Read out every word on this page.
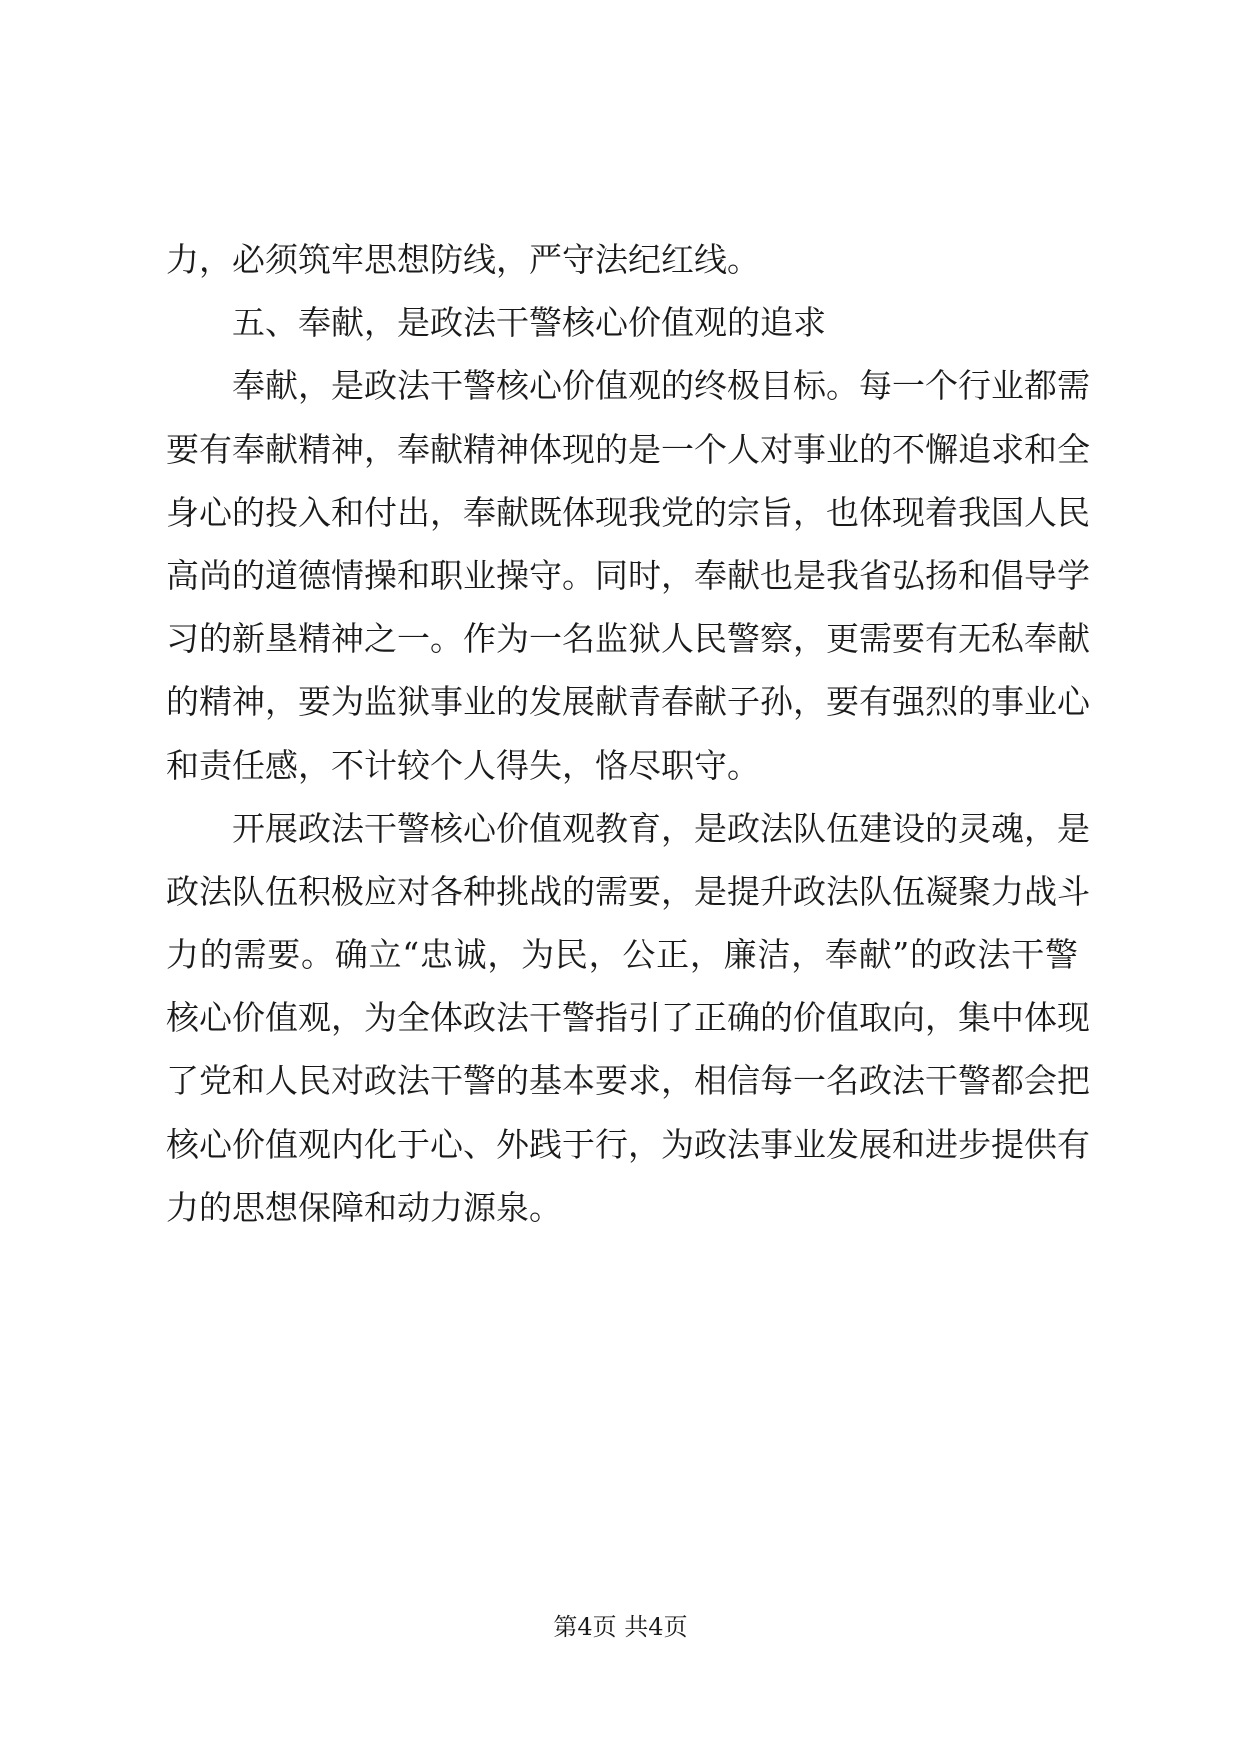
力，必须筑牢思想防线，严守法纪红线。
五、奉献，是政法干警核心价值观的追求
奉献，是政法干警核心价值观的终极目标。每一个行业都需
要有奉献精神，奉献精神体现的是一个人对事业的不懈追求和全
身心的投入和付出，奉献既体现我党的宗旨，也体现着我国人民
高尚的道德情操和职业操守。同时，奉献也是我省弘扬和倡导学
习的新垦精神之一。作为一名监狱人民警察，更需要有无私奉献
的精神，要为监狱事业的发展献青春献子孙，要有强烈的事业心
和责任感，不计较个人得失，恪尽职守。
开展政法干警核心价值观教育，是政法队伍建设的灵魂，是
政法队伍积极应对各种挑战的需要，是提升政法队伍凝聚力战斗
力的需要。确立“忠诚，为民，公正，廉洁，奉献”的政法干警
核心价值观，为全体政法干警指引了正确的价值取向，集中体现
了党和人民对政法干警的基本要求，相信每一名政法干警都会把
核心价值观内化于心、外践于行，为政法事业发展和进步提供有
力的思想保障和动力源泉。
第4页 共4页
